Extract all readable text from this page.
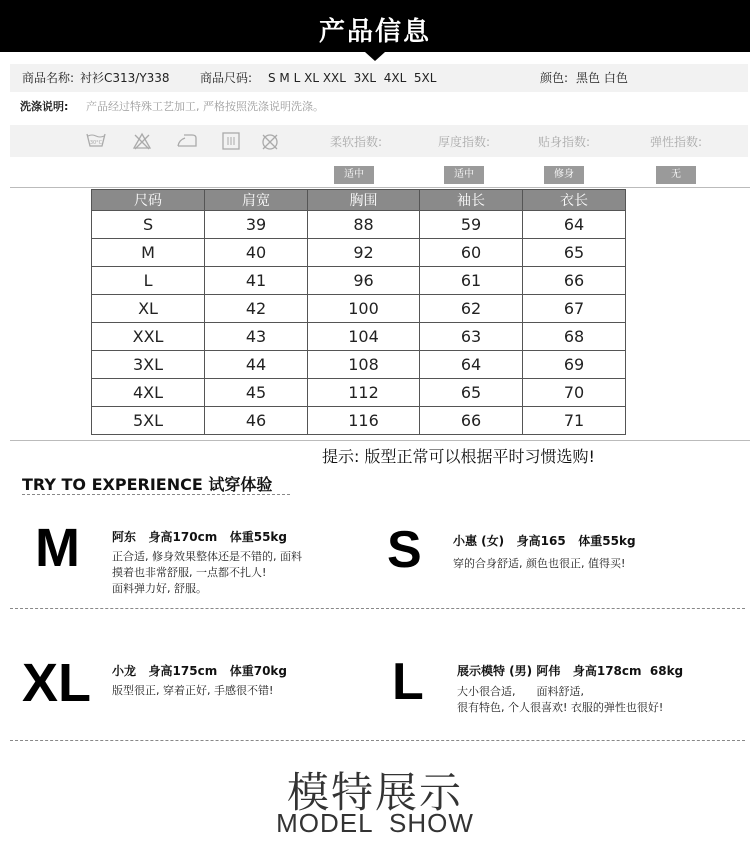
产品信息
商品名称: 衬衫C313/Y338	商品尺码: S M L XL XXL  3XL  4XL  5XL	颜色: 黑色 白色
洗涤说明: 产品经过特殊工艺加工, 严格按照洗涤说明洗涤。
30°C	柔软指数:	厚度指数:	贴身指数:	弹性指数:
适中	适中	修身	无
尺码	肩宽	胸围	袖长	衣长
S	39	88	59	64
M	40	92	60	65
L	41	96	61	66
XL	42	100	62	67
XXL	43	104	63	68
3XL	44	108	64	69
4XL	45	112	65	70
5XL	46	116	66	71
提示: 版型正常可以根据平时习惯选购!
TRY TO EXPERIENCE 试穿体验
M	阿东   身高170cm   体重55kg
正合适, 修身效果整体还是不错的, 面料
摸着也非常舒服, 一点都不扎人!
面料弹力好, 舒服。
S	小惠 (女)   身高165   体重55kg
穿的合身舒适, 颜色也很正, 值得买!
XL 小龙   身高175cm   体重70kg
版型很正, 穿着正好, 手感很不错! L	展示模特 (男) 阿伟   身高178cm  68kg
大小很合适,      面料舒适,
很有特色, 个人很喜欢! 衣服的弹性也很好!
模特展示
MODEL  SHOW
